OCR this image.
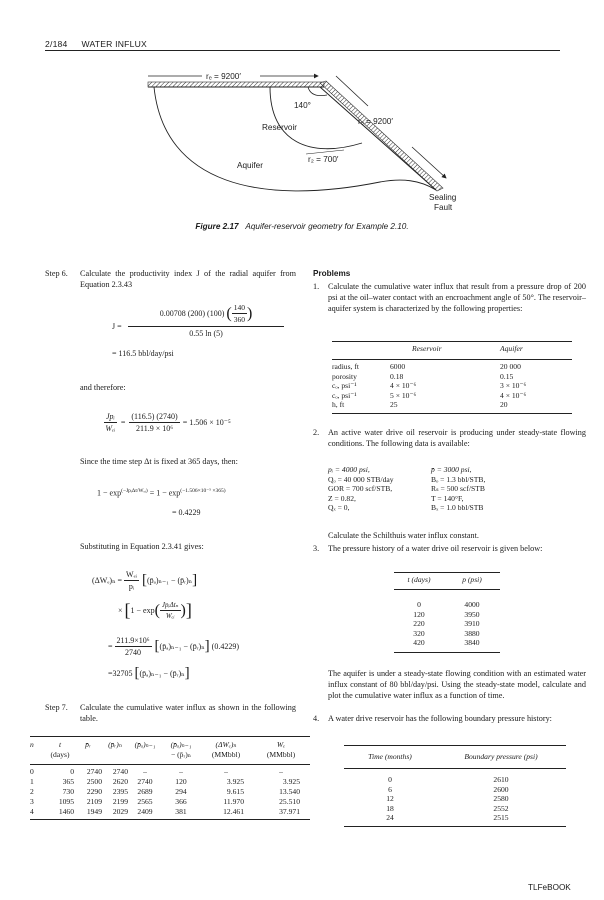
2/184 WATER INFLUX
rₑ = 9200′
rₑ = 9200′
140°
r₂ = 700′
Reservoir
Aquifer
Sealing
Fault
Figure 2.17 Aquifer-reservoir geometry for Example 2.10.
Step 6.	Calculate the productivity index J of the radial aquifer from Equation 2.3.43
J =
0.00708 (200) (100) ( $\frac{140}{360}$ )
0.55 ln (5)
= 116.5 bbl/day/psi
and therefore:
$\frac{\text{Jpᵢ}}{\text{Wₑᵢ}} = \frac{(116.5) (2740)}{\text{211.9 × 10⁶}} = 1.506 \times 10^{-5}$
Since the time step Δt is fixed at 365 days, then:
$1 - \exp^{(-Jpᵢ\Delta t/W_eᵢ)} = 1 - \exp^{(-1.506\times 10^{-5} \times 365)}$
= 0.4229
Substituting in Equation 2.3.41 gives:
$(\Delta W_e)_n = \frac{\text{Wₑᵢ}}{\text{pᵢ}}$ [ (p̄ₐ)ₙ₋₁ − (p̄ᵣ)ₙ ]
× [ 1 − exp ( $\frac{\text{JpᵢΔtₙ}}{\text{Wₑᵢ}}$ ) ]
= $\frac{\text{211.9×10⁶}}{2740}$ [ (p̄ₐ)ₙ₋₁ − (p̄ᵣ)ₙ ] (0.4229)
=32705 [ (p̄ₐ)ₙ₋₁ − (p̄ᵣ)ₙ ]
Step 7.	Calculate the cumulative water influx as shown in the following table.
n	t	p̄ᵣ	(p̄ᵣ)ₙ	(p̄ₐ)ₙ₋₁	(p̄ₐ)ₙ₋₁	(ΔWₑ)ₙ	Wₑ
	(days)				− (p̄ᵣ)ₙ	(MMbbl)	(MMbbl)
0	0	2740	2740	–	–	–	–
1	365	2500	2620	2740	120	3.925	3.925
2	730	2290	2395	2689	294	9.615	13.540
3	1095	2109	2199	2565	366	11.970	25.510
4	1460	1949	2029	2409	381	12.461	37.971
Problems
1.	Calculate the cumulative water influx that result from a pressure drop of 200 psi at the oil–water contact with an encroachment angle of 50°. The reservoir–aquifer system is characterized by the following properties:
	Reservoir	Aquifer
radius, ft	6000	20 000
porosity	0.18	0.15
cₒ, psi⁻¹	4 × 10⁻⁶	3 × 10⁻⁶
cₒ, psi⁻¹	5 × 10⁻⁶	4 × 10⁻⁶
h, ft	25	20
2.	An active water drive oil reservoir is producing under steady-state flowing conditions. The following data is available:
pᵢ = 4000 psi,	p̄ = 3000 psi,
Qₒ = 40 000 STB/day	Bₒ = 1.3 bbl/STB,
GOR = 700 scf/STB,	Rₛ = 500 scf/STB
Z = 0.82,	T = 140°F,
Qₓ = 0,	Bₓ = 1.0 bbl/STB
Calculate the Schilthuis water influx constant.
3.	The pressure history of a water drive oil reservoir is given below:
t (days)	p (psi)
0	4000
120	3950
220	3910
320	3880
420	3840
The aquifer is under a steady-state flowing condition with an estimated water influx constant of 80 bbl/day/psi. Using the steady-state model, calculate and plot the cumulative water influx as a function of time.
4.	A water drive reservoir has the following boundary pressure history:
Time (months)	Boundary pressure (psi)
0	2610
6	2600
12	2580
18	2552
24	2515
TLFeBOOK
